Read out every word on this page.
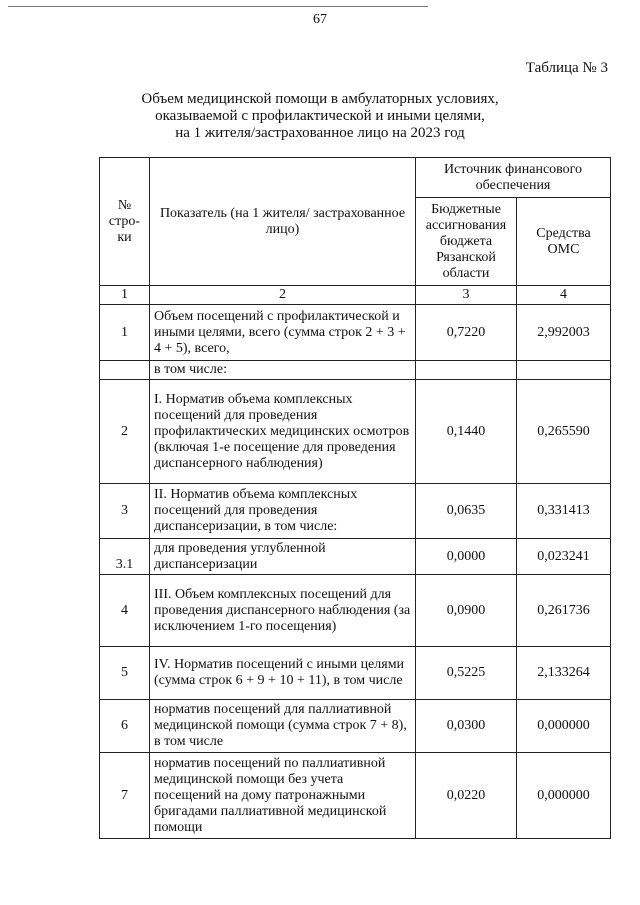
67
Таблица № 3
Объем медицинской помощи в амбулаторных условиях,
оказываемой с профилактической и иными целями,
на 1 жителя/застрахованное лицо на 2023 год
№ стро-ки	Показатель (на 1 жителя/ застрахованное лицо)	Источник финансового обеспечения	
		Бюджетные ассигнования бюджета Рязанской области	Средства ОМС
1	2	3	4
1	Объем посещений с профилактической и иными целями, всего (сумма строк 2 + 3 + 4 + 5), всего,	0,7220	2,992003
	в том числе:		
2	I. Норматив объема комплексных посещений для проведения профилактических медицинских осмотров (включая 1-е посещение для проведения диспансерного наблюдения)	0,1440	0,265590
3	II. Норматив объема комплексных посещений для проведения диспансеризации, в том числе:	0,0635	0,331413
3.1	для проведения углубленной диспансеризации	0,0000	0,023241
4	III. Объем комплексных посещений для проведения диспансерного наблюдения (за исключением 1-го посещения)	0,0900	0,261736
5	IV. Норматив посещений с иными целями (сумма строк 6 + 9 + 10 + 11), в том числе	0,5225	2,133264
6	норматив посещений для паллиативной медицинской помощи (сумма строк 7 + 8), в том числе	0,0300	0,000000
7	норматив посещений по паллиативной медицинской помощи без учета посещений на дому патронажными бригадами паллиативной медицинской помощи	0,0220	0,000000
